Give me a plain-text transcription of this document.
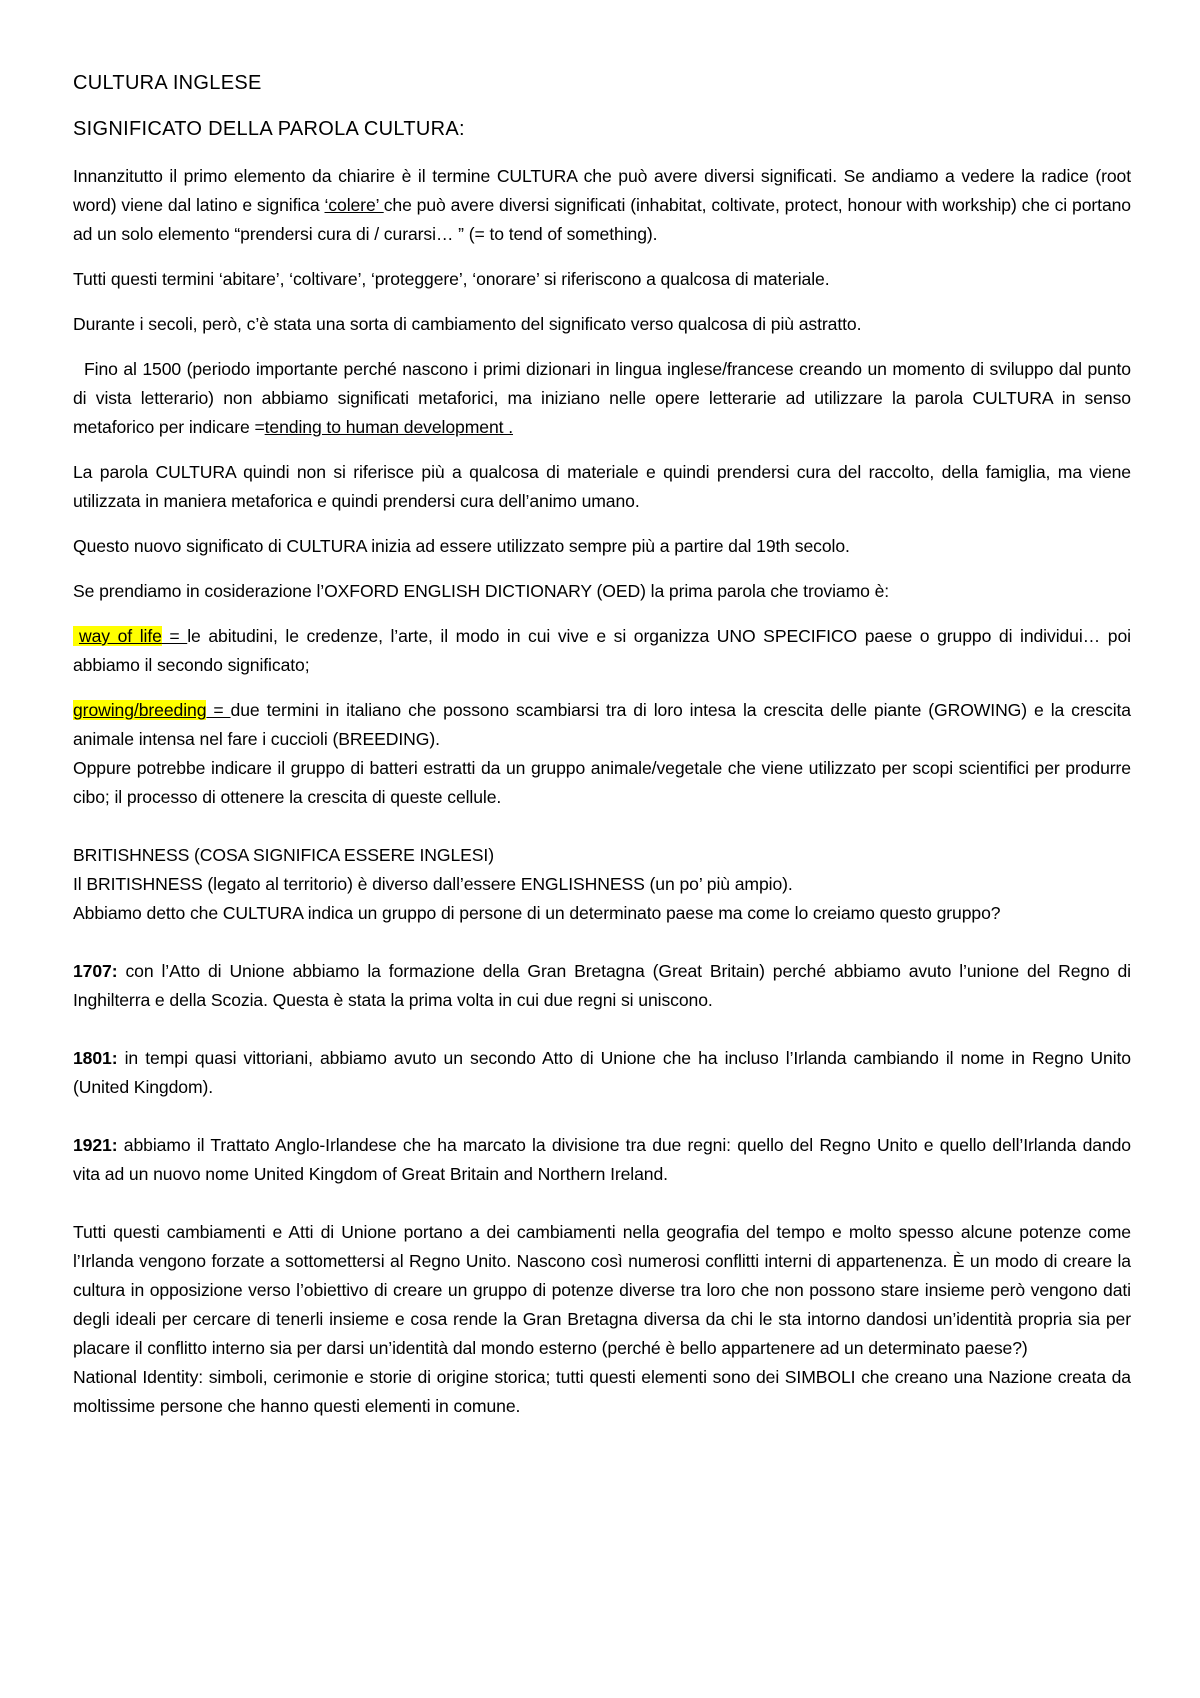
CULTURA INGLESE
SIGNIFICATO DELLA PAROLA CULTURA:

Innanzitutto il primo elemento da chiarire è il termine CULTURA che può avere diversi significati. Se andiamo a vedere la radice (root word) viene dal latino e significa ‘colere’ che può avere diversi significati (inhabitat, coltivate, protect, honour with workship) che ci portano ad un solo elemento “prendersi cura di / curarsi… ” (= to tend of something).

Tutti questi termini ‘abitare’, ‘coltivare’, ‘proteggere’, ‘onorare’ si riferiscono a qualcosa di materiale.

Durante i secoli, però, c’è stata una sorta di cambiamento del significato verso qualcosa di più astratto.

Fino al 1500 (periodo importante perché nascono i primi dizionari in lingua inglese/francese creando un momento di sviluppo dal punto di vista letterario) non abbiamo significati metaforici, ma iniziano nelle opere letterarie ad utilizzare la parola CULTURA in senso metaforico per indicare =tending to human development .

La parola CULTURA quindi non si riferisce più a qualcosa di materiale e quindi prendersi cura del raccolto, della famiglia, ma viene utilizzata in maniera metaforica e quindi prendersi cura dell’animo umano.

Questo nuovo significato di CULTURA inizia ad essere utilizzato sempre più a partire dal 19th secolo.

Se prendiamo in cosiderazione l’OXFORD ENGLISH DICTIONARY (OED) la prima parola che troviamo è:

way of life = le abitudini, le credenze, l’arte, il modo in cui vive e si organizza UNO SPECIFICO paese o gruppo di individui… poi abbiamo il secondo significato;

growing/breeding = due termini in italiano che possono scambiarsi tra di loro intesa la crescita delle piante (GROWING) e la crescita animale intensa nel fare i cuccioli (BREEDING).

Oppure potrebbe indicare il gruppo di batteri estratti da un gruppo animale/vegetale che viene utilizzato per scopi scientifici per produrre cibo; il processo di ottenere la crescita di queste cellule.

BRITISHNESS (COSA SIGNIFICA ESSERE INGLESI)

Il BRITISHNESS (legato al territorio) è diverso dall’essere ENGLISHNESS (un po’ più ampio).

Abbiamo detto che CULTURA indica un gruppo di persone di un determinato paese ma come lo creiamo questo gruppo?

1707: con l’Atto di Unione abbiamo la formazione della Gran Bretagna (Great Britain) perché abbiamo avuto l’unione del Regno di Inghilterra e della Scozia. Questa è stata la prima volta in cui due regni si uniscono.

1801: in tempi quasi vittoriani, abbiamo avuto un secondo Atto di Unione che ha incluso l’Irlanda cambiando il nome in Regno Unito (United Kingdom).

1921: abbiamo il Trattato Anglo-Irlandese che ha marcato la divisione tra due regni: quello del Regno Unito e quello dell’Irlanda dando vita ad un nuovo nome United Kingdom of Great Britain and Northern Ireland.

Tutti questi cambiamenti e Atti di Unione portano a dei cambiamenti nella geografia del tempo e molto spesso alcune potenze come l’Irlanda vengono forzate a sottomettersi al Regno Unito. Nascono così numerosi conflitti interni di appartenenza. È un modo di creare la cultura in opposizione verso l’obiettivo di creare un gruppo di potenze diverse tra loro che non possono stare insieme però vengono dati degli ideali per cercare di tenerli insieme e cosa rende la Gran Bretagna diversa da chi le sta intorno dandosi un’identità propria sia per placare il conflitto interno sia per darsi un’identità dal mondo esterno (perché è bello appartenere ad un determinato paese?)

National Identity: simboli, cerimonie e storie di origine storica; tutti questi elementi sono dei SIMBOLI che creano una Nazione creata da moltissime persone che hanno questi elementi in comune.
